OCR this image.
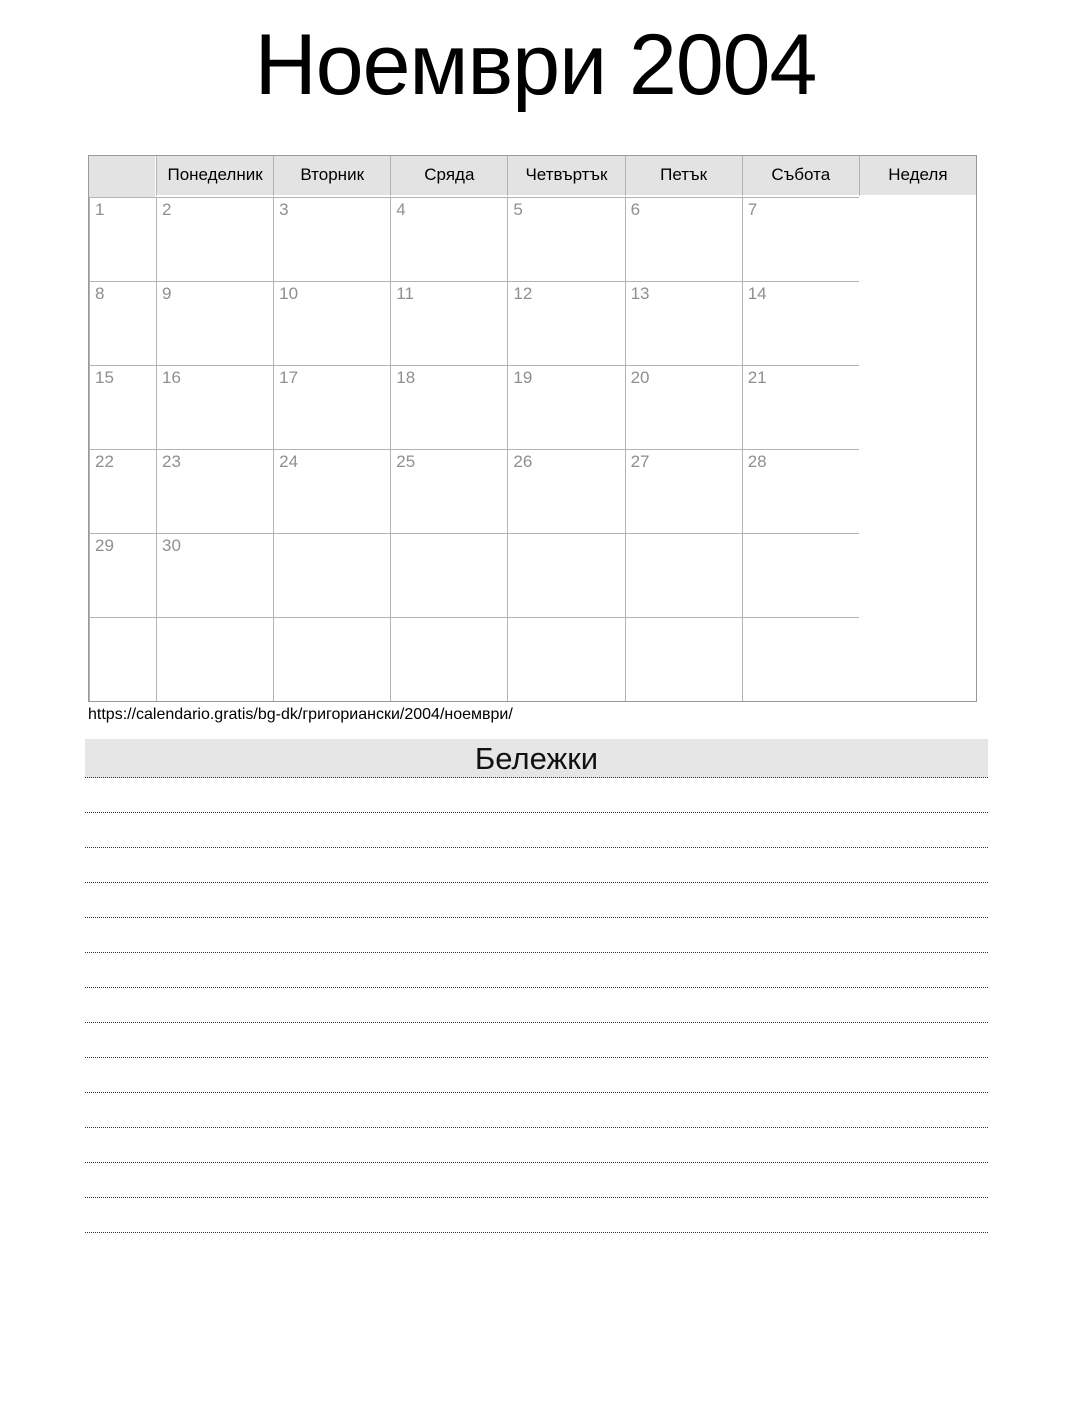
Ноември 2004
	Понеделник	Вторник	Сряда	Четвъртък	Петък	Събота	Неделя
1	2	3	4	5	6	7	
8	9	10	11	12	13	14	
15	16	17	18	19	20	21	
22	23	24	25	26	27	28	
29	30						

https://calendario.gratis/bg-dk/григориански/2004/ноември/
Бележки
